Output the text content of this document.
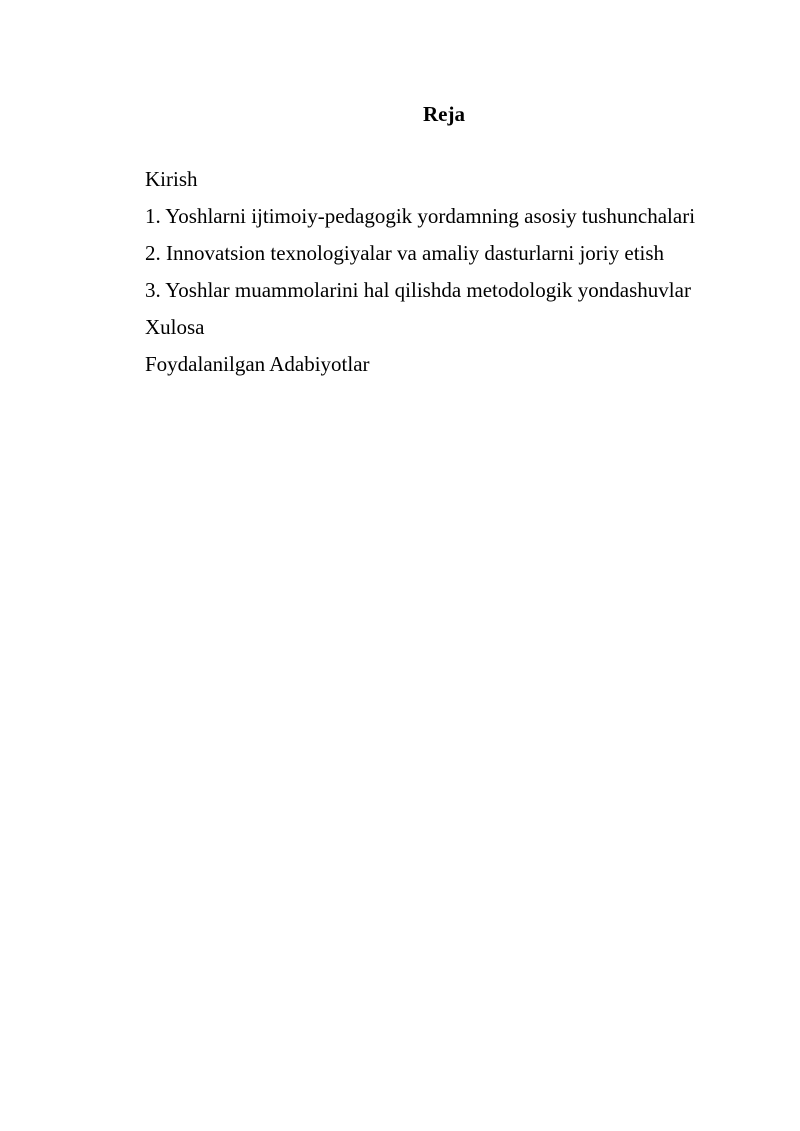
Reja
Kirish
1. Yoshlarni ijtimoiy-pedagogik yordamning asosiy tushunchalari
2. Innovatsion texnologiyalar va amaliy dasturlarni joriy etish
3. Yoshlar muammolarini hal qilishda metodologik yondashuvlar
Xulosa
Foydalanilgan Adabiyotlar
